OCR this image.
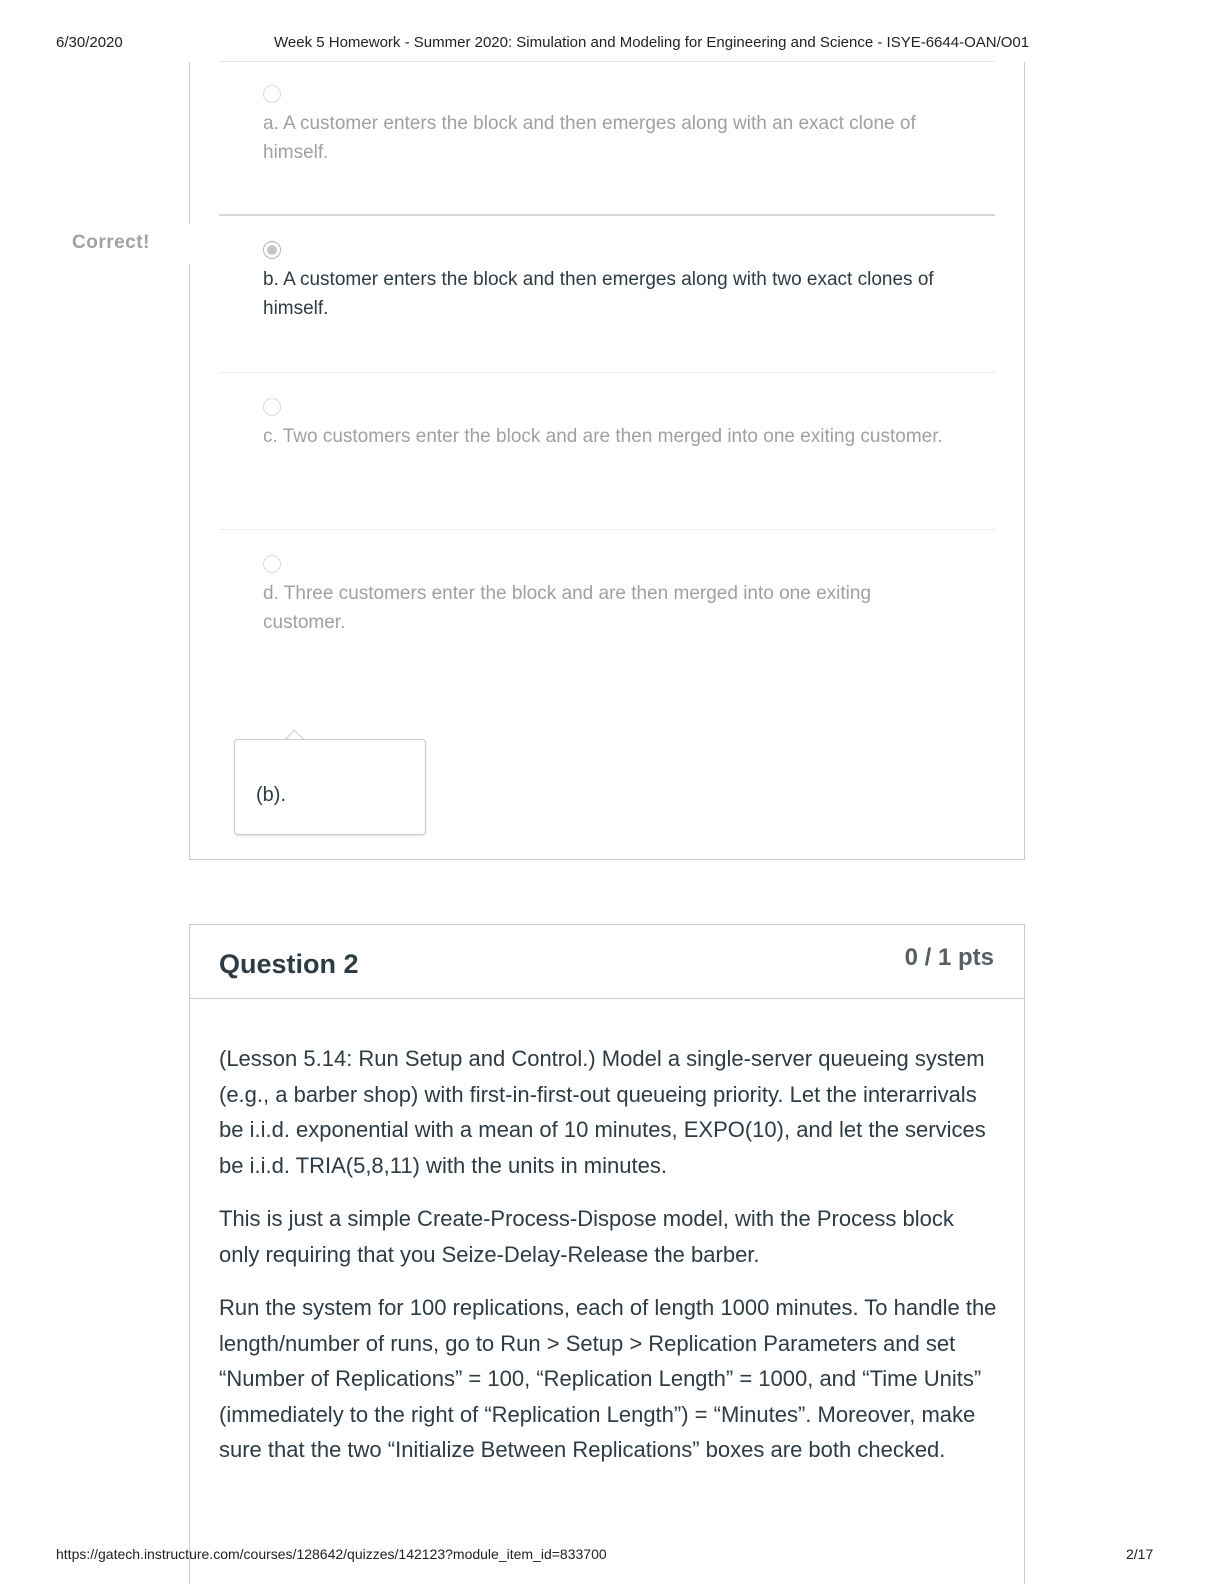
6/30/2020	Week 5 Homework - Summer 2020: Simulation and Modeling for Engineering and Science - ISYE-6644-OAN/O01
Correct!
a. A customer enters the block and then emerges along with an exact clone of himself.
b. A customer enters the block and then emerges along with two exact clones of himself.
c. Two customers enter the block and are then merged into one exiting customer.
d. Three customers enter the block and are then merged into one exiting customer.
(b).
Question 2	0 / 1 pts

(Lesson 5.14: Run Setup and Control.) Model a single-server queueing system (e.g., a barber shop) with first-in-first-out queueing priority. Let the interarrivals be i.i.d. exponential with a mean of 10 minutes, EXPO(10), and let the services be i.i.d. TRIA(5,8,11) with the units in minutes.

This is just a simple Create-Process-Dispose model, with the Process block only requiring that you Seize-Delay-Release the barber.

Run the system for 100 replications, each of length 1000 minutes. To handle the length/number of runs, go to Run > Setup > Replication Parameters and set “Number of Replications” = 100, “Replication Length” = 1000, and “Time Units” (immediately to the right of “Replication Length”) = “Minutes”. Moreover, make sure that the two “Initialize Between Replications” boxes are both checked.

https://gatech.instructure.com/courses/128642/quizzes/142123?module_item_id=833700	2/17
